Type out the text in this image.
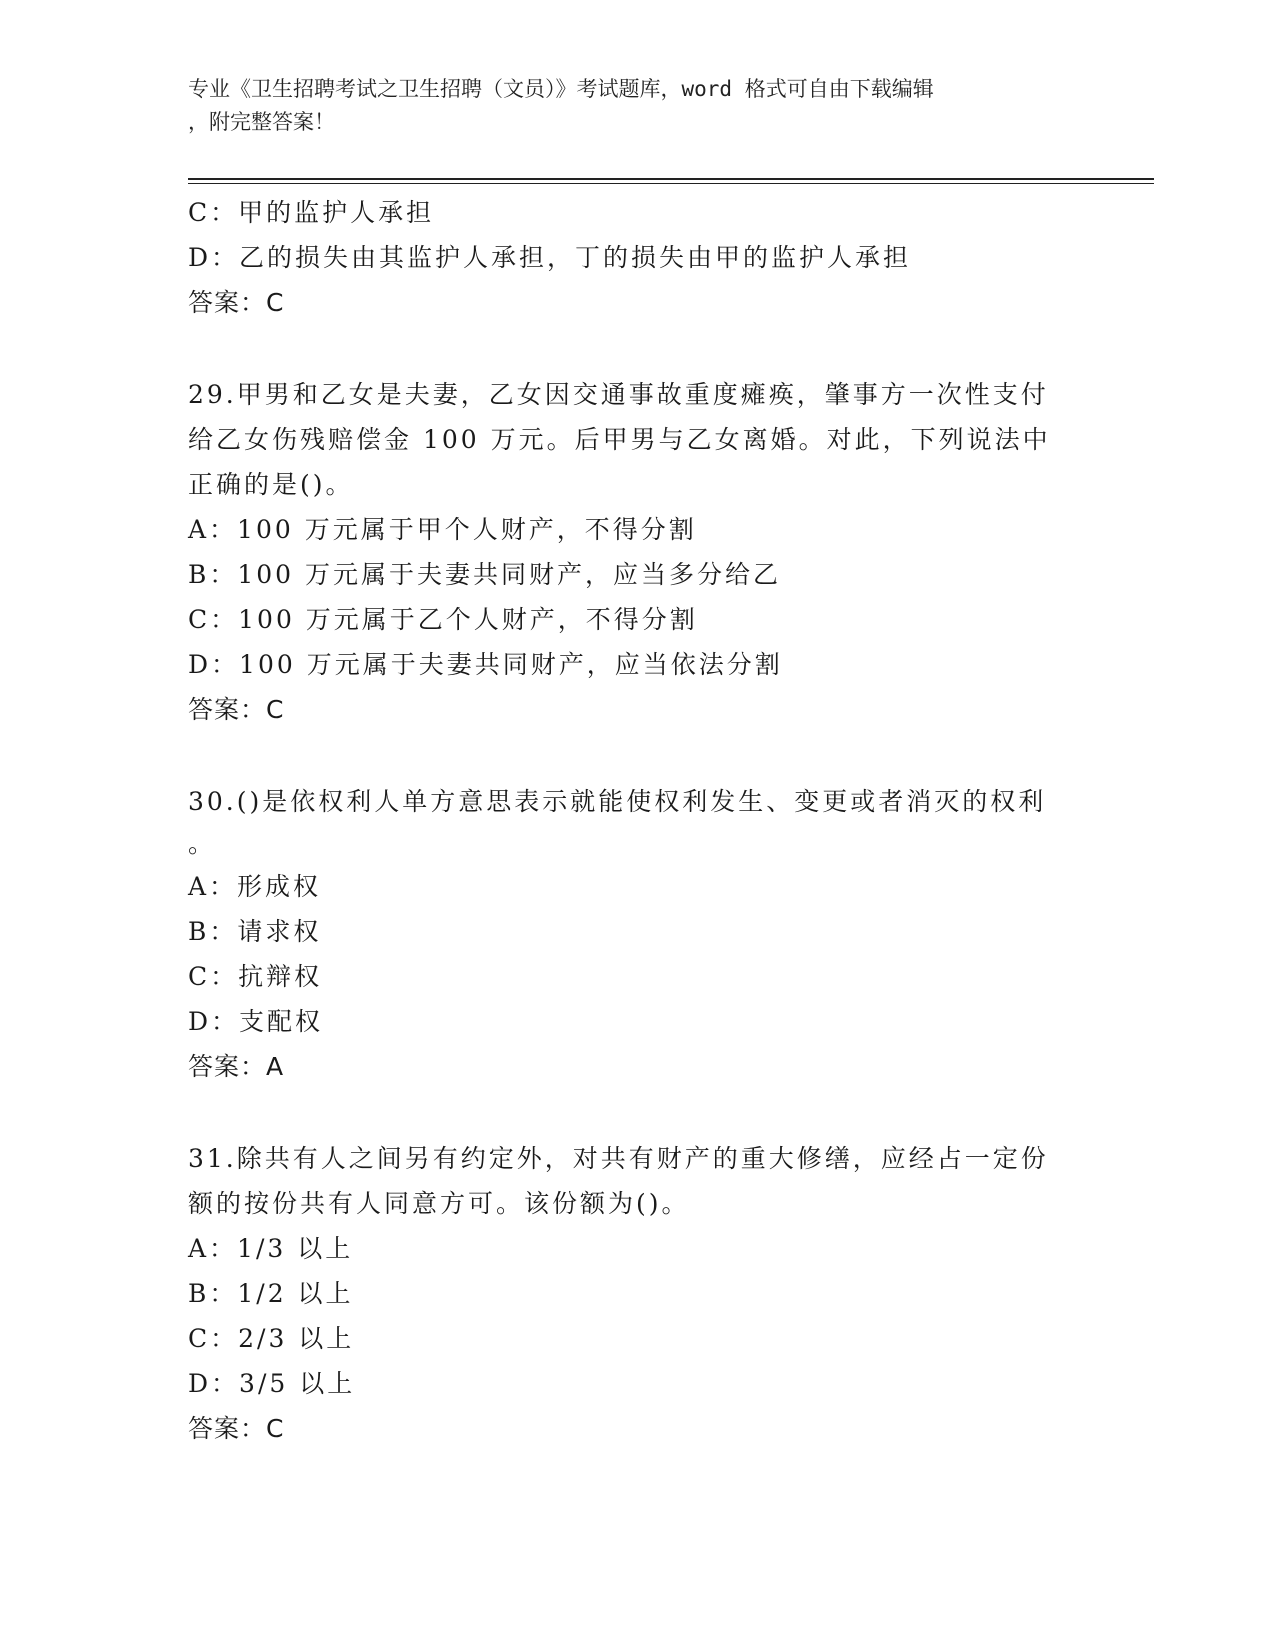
专业《卫生招聘考试之卫生招聘（文员）》考试题库，word 格式可自由下载编辑
，附完整答案！
C：甲的监护人承担
D：乙的损失由其监护人承担，丁的损失由甲的监护人承担
答案：C
29.甲男和乙女是夫妻，乙女因交通事故重度瘫痪，肇事方一次性支付
给乙女伤残赔偿金 100 万元。后甲男与乙女离婚。对此，下列说法中
正确的是()。
A：100 万元属于甲个人财产，不得分割
B：100 万元属于夫妻共同财产，应当多分给乙
C：100 万元属于乙个人财产，不得分割
D：100 万元属于夫妻共同财产，应当依法分割
答案：C
30.()是依权利人单方意思表示就能使权利发生、变更或者消灭的权利
。
A：形成权
B：请求权
C：抗辩权
D：支配权
答案：A
31.除共有人之间另有约定外，对共有财产的重大修缮，应经占一定份
额的按份共有人同意方可。该份额为()。
A：1/3 以上
B：1/2 以上
C：2/3 以上
D：3/5 以上
答案：C
